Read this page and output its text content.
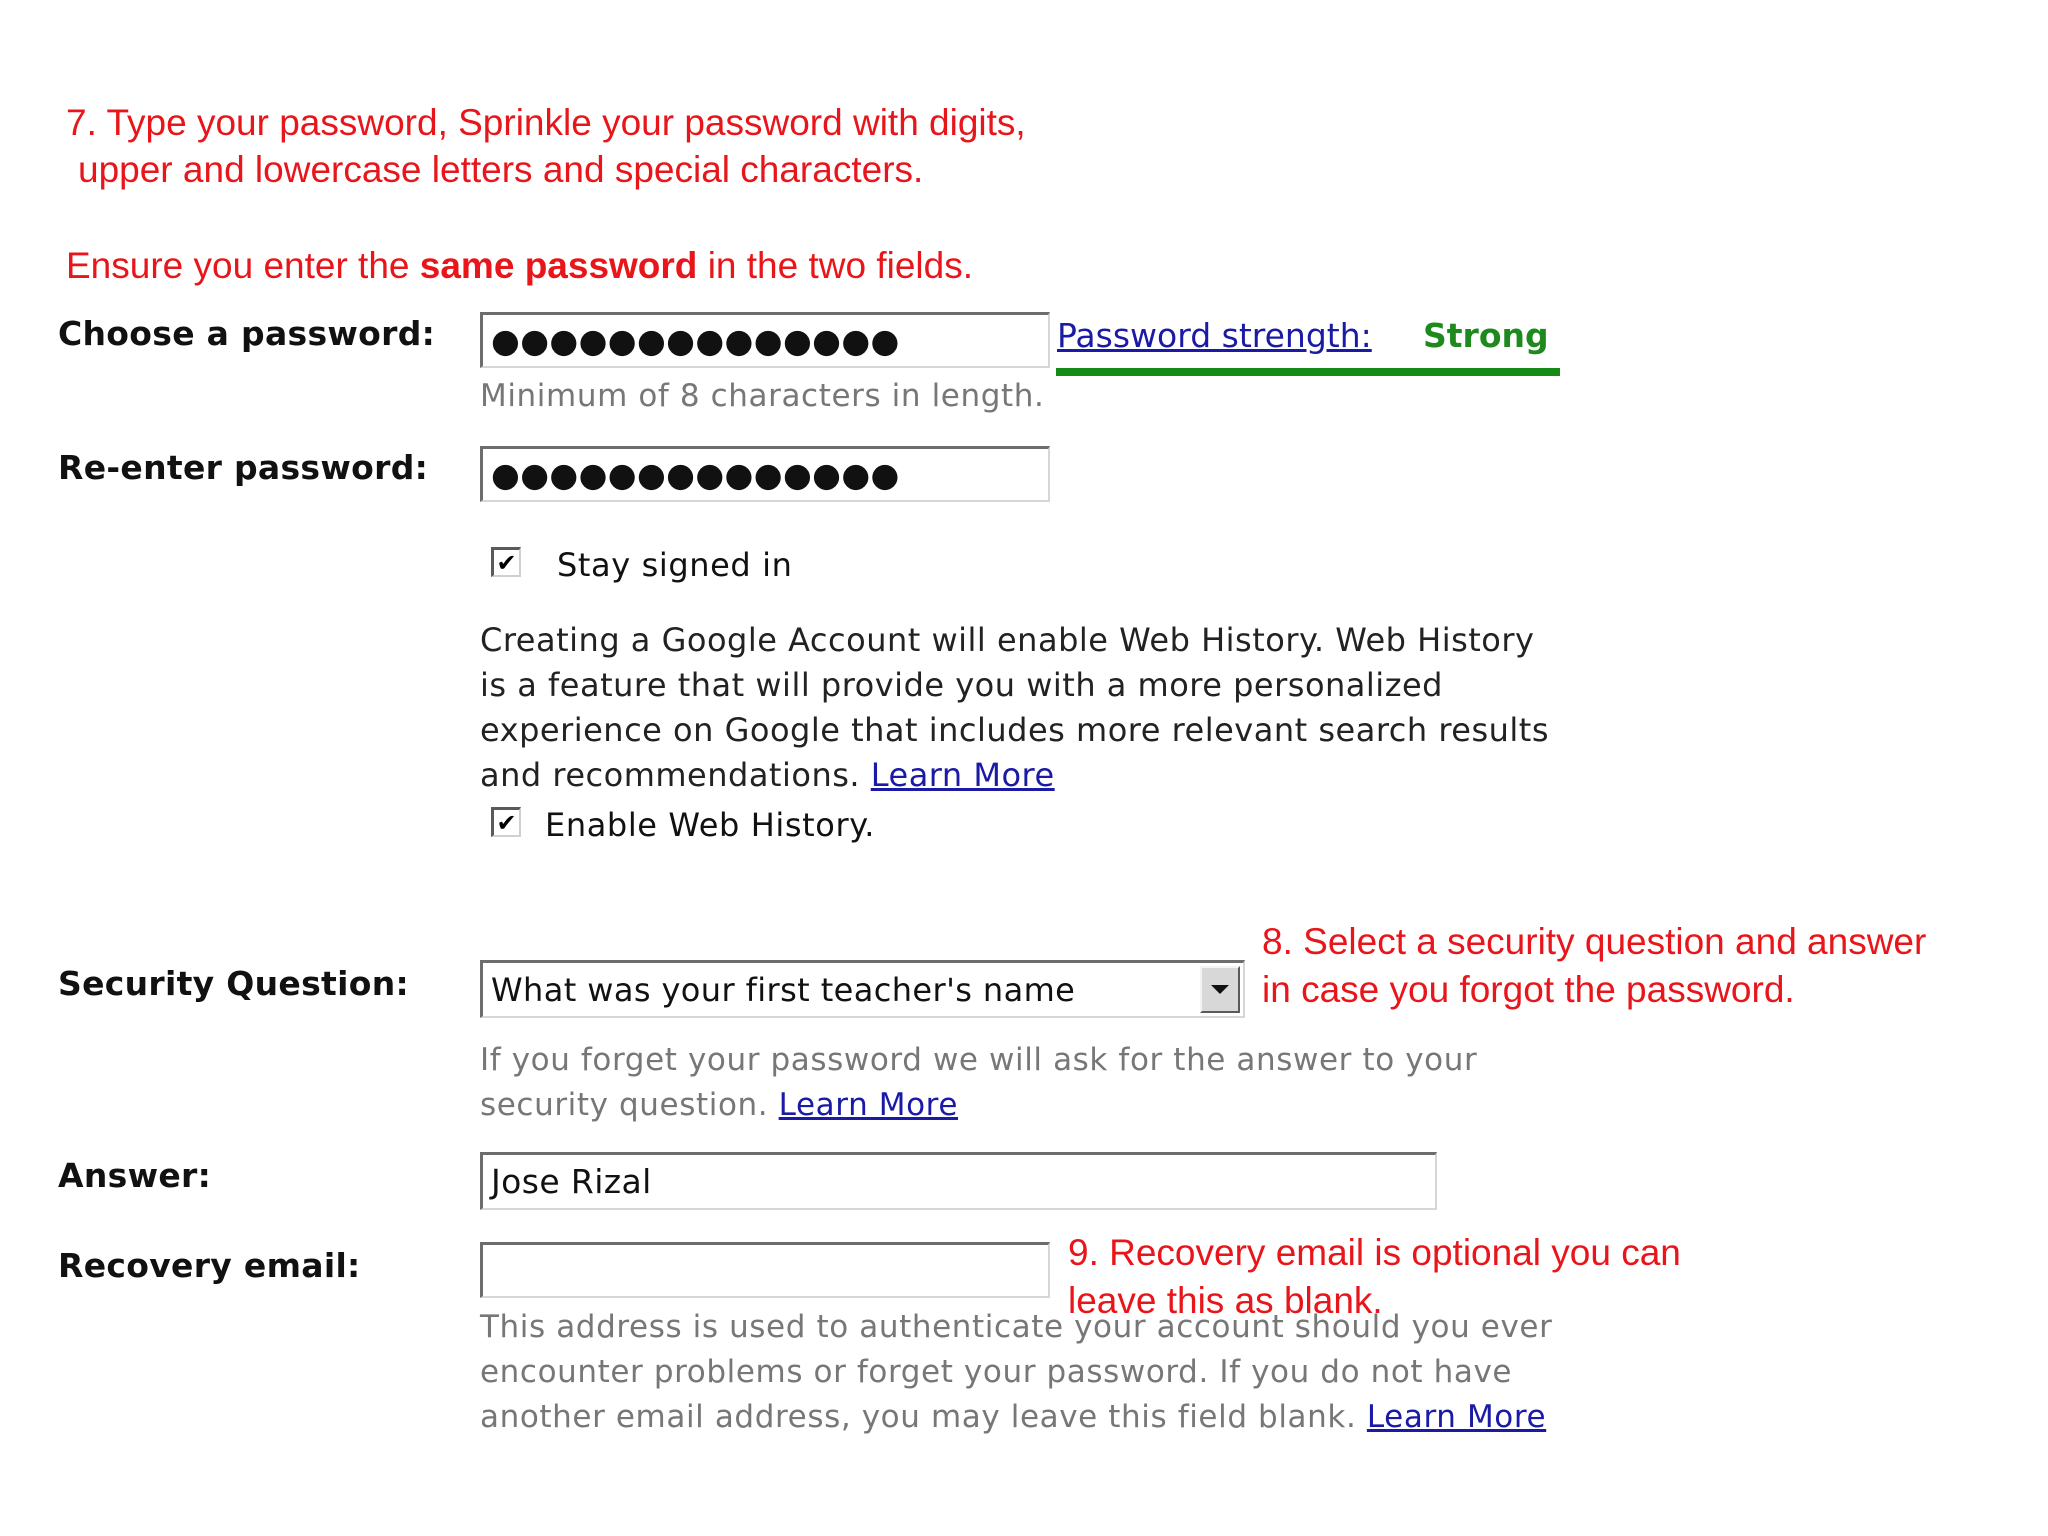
7. Type your password, Sprinkle your password with digits,
upper and lowercase letters and special characters.
Ensure you enter the same password in the two fields.
Choose a password: ●●●●●●●●●●●●●●	Password strength: Strong
Minimum of 8 characters in length.
Re-enter password: ●●●●●●●●●●●●●●
✔ Stay signed in
Creating a Google Account will enable Web History. Web History
is a feature that will provide you with a more personalized
experience on Google that includes more relevant search results
and recommendations. Learn More
✔ Enable Web History.
8. Select a security question and answer
in case you forgot the password.
Security Question:	What was your first teacher's name
If you forget your password we will ask for the answer to your
security question. Learn More
Answer:	Jose Rizal
Recovery email:
This address is used to authenticate your account should you ever
encounter problems or forget your password. If you do not have
another email address, you may leave this field blank. Learn More
9. Recovery email is optional you can
leave this as blank.
